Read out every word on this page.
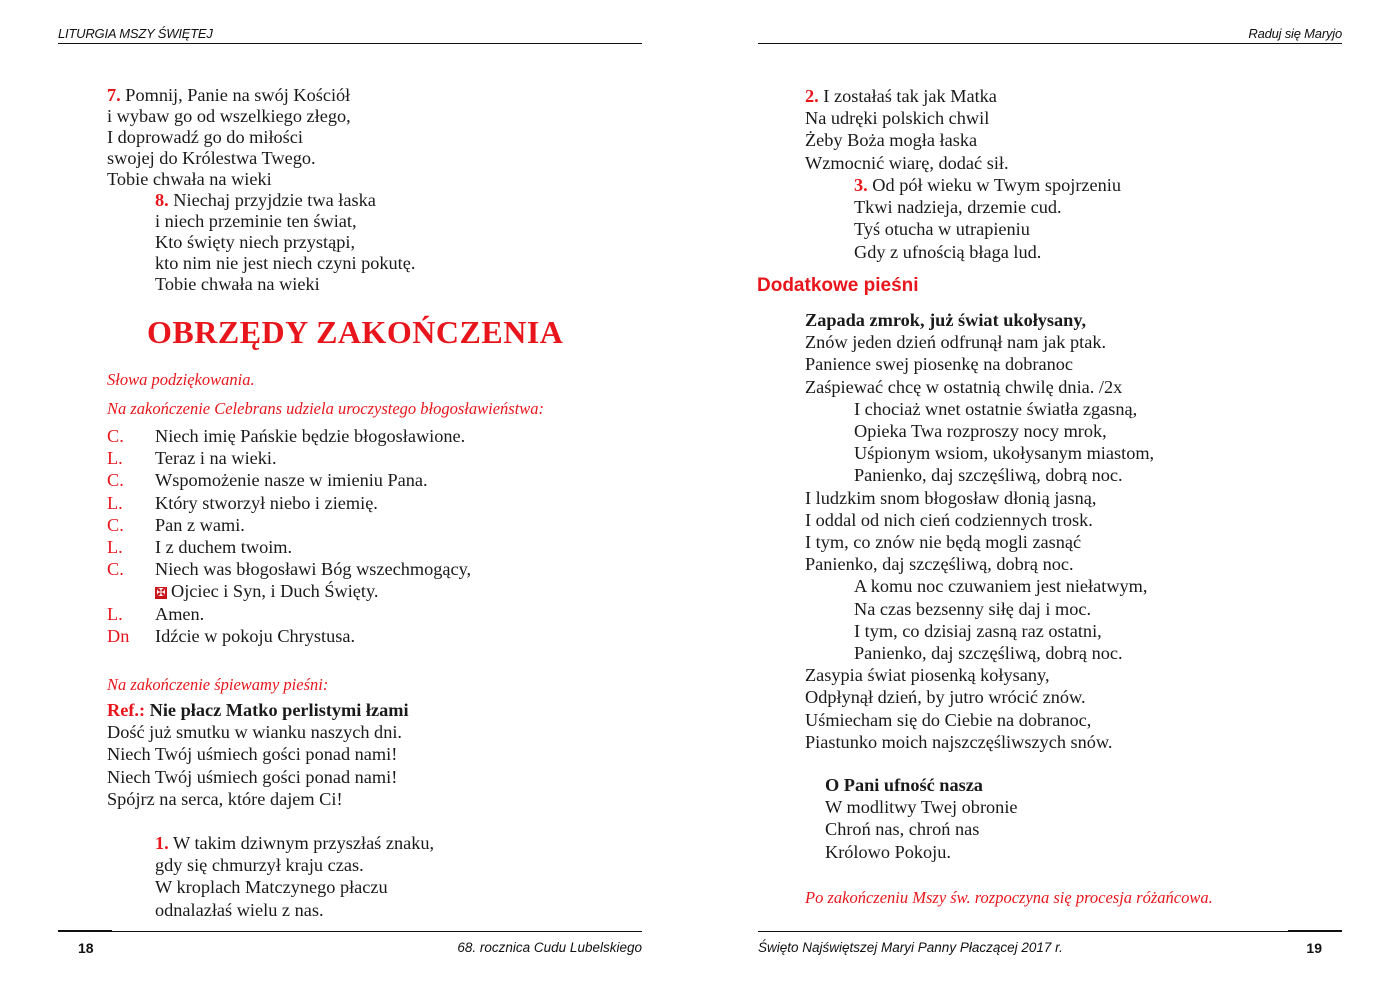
LITURGIA MSZY ŚWIĘTEJ
7. Pomnij, Panie na swój Kościół
i wybaw go od wszelkiego złego,
I doprowadź go do miłości
swojej do Królestwa Twego.
Tobie chwała na wieki
8. Niechaj przyjdzie twa łaska
i niech przeminie ten świat,
Kto święty niech przystąpi,
kto nim nie jest niech czyni pokutę.
Tobie chwała na wieki
OBRZĘDY ZAKOŃCZENIA
Słowa podziękowania.
Na zakończenie Celebrans udziela uroczystego błogosławieństwa:
C.	Niech imię Pańskie będzie błogosławione.
L.	Teraz i na wieki.
C.	Wspomożenie nasze w imieniu Pana.
L.	Który stworzył niebo i ziemię.
C.	Pan z wami.
L.	I z duchem twoim.
C.	Niech was błogosławi Bóg wszechmogący,
✠ Ojciec i Syn, i Duch Święty.
L.	Amen.
Dn	Idźcie w pokoju Chrystusa.
Na zakończenie śpiewamy pieśni:
Ref.: Nie płacz Matko perlistymi łzami
Dość już smutku w wianku naszych dni.
Niech Twój uśmiech gości ponad nami!
Niech Twój uśmiech gości ponad nami!
Spójrz na serca, które dajem Ci!
1. W takim dziwnym przyszłaś znaku,
gdy się chmurzył kraju czas.
W kroplach Matczynego płaczu
odnalazłaś wielu z nas.
18	68. rocznica Cudu Lubelskiego
Raduj się Maryjo
2. I zostałaś tak jak Matka
Na udręki polskich chwil
Żeby Boża mogła łaska
Wzmocnić wiarę, dodać sił.
3. Od pół wieku w Twym spojrzeniu
Tkwi nadzieja, drzemie cud.
Tyś otucha w utrapieniu
Gdy z ufnością błaga lud.
Dodatkowe pieśni
Zapada zmrok, już świat ukołysany,
Znów jeden dzień odfrunął nam jak ptak.
Panience swej piosenkę na dobranoc
Zaśpiewać chcę w ostatnią chwilę dnia. /2x
I chociaż wnet ostatnie światła zgasną,
Opieka Twa rozproszy nocy mrok,
Uśpionym wsiom, ukołysanym miastom,
Panienko, daj szczęśliwą, dobrą noc.
I ludzkim snom błogosław dłonią jasną,
I oddal od nich cień codziennych trosk.
I tym, co znów nie będą mogli zasnąć
Panienko, daj szczęśliwą, dobrą noc.
A komu noc czuwaniem jest niełatwym,
Na czas bezsenny siłę daj i moc.
I tym, co dzisiaj zasną raz ostatni,
Panienko, daj szczęśliwą, dobrą noc.
Zasypia świat piosenką kołysany,
Odpłynął dzień, by jutro wrócić znów.
Uśmiecham się do Ciebie na dobranoc,
Piastunko moich najszczęśliwszych snów.
O Pani ufność nasza
W modlitwy Twej obronie
Chroń nas, chroń nas
Królowo Pokoju.
Po zakończeniu Mszy św. rozpoczyna się procesja różańcowa.
Święto Najświętszej Maryi Panny Płaczącej 2017 r.	19
